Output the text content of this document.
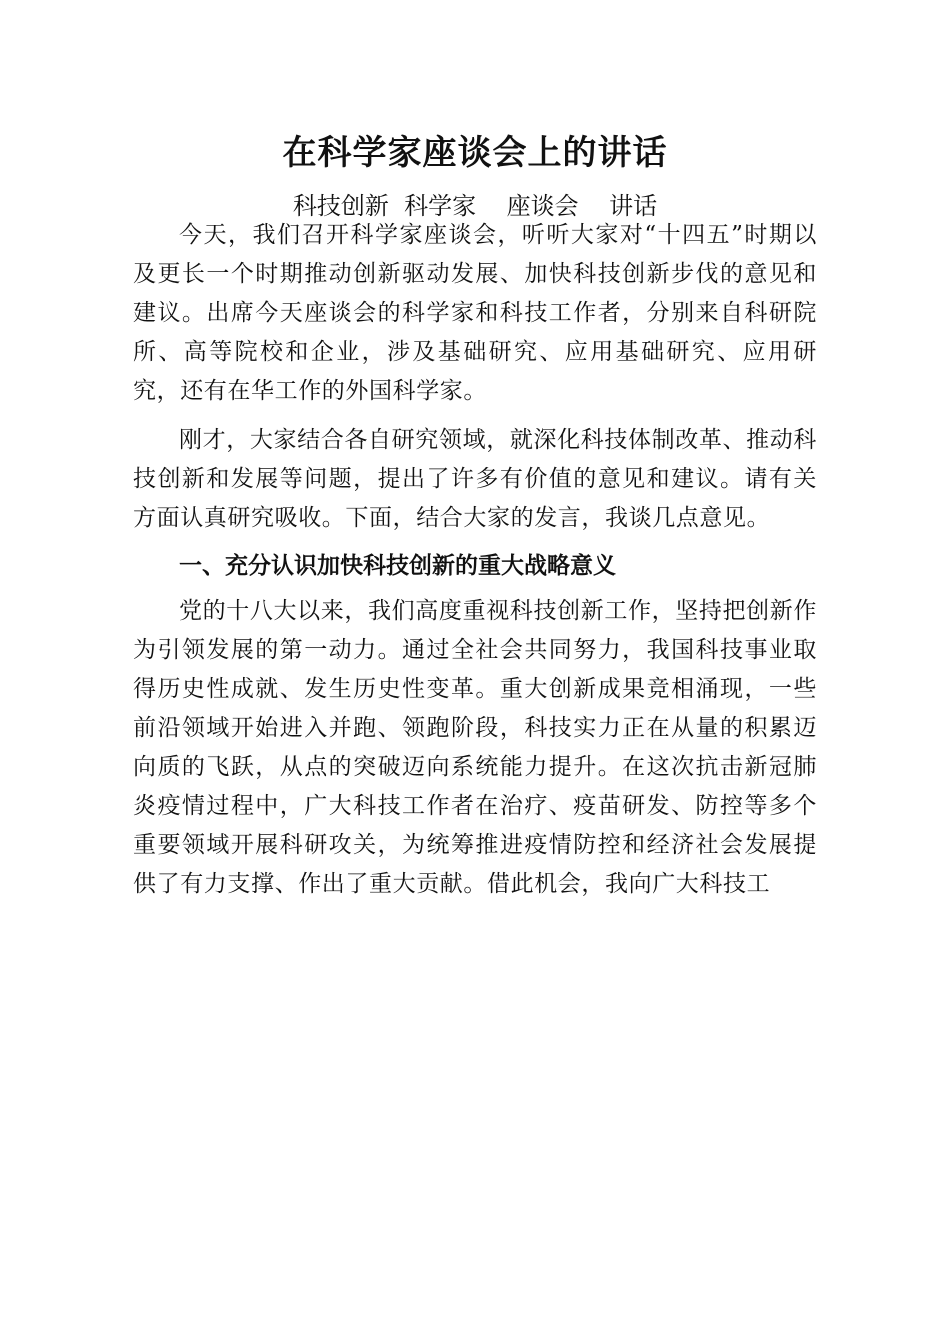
在科学家座谈会上的讲话
科技创新  科学家    座谈会    讲话

今天，我们召开科学家座谈会，听听大家对“十四五”时期以及更长一个时期推动创新驱动发展、加快科技创新步伐的意见和建议。出席今天座谈会的科学家和科技工作者，分别来自科研院所、高等院校和企业，涉及基础研究、应用基础研究、应用研究，还有在华工作的外国科学家。

刚才，大家结合各自研究领域，就深化科技体制改革、推动科技创新和发展等问题，提出了许多有价值的意见和建议。请有关方面认真研究吸收。下面，结合大家的发言，我谈几点意见。

一、充分认识加快科技创新的重大战略意义

党的十八大以来，我们高度重视科技创新工作，坚持把创新作为引领发展的第一动力。通过全社会共同努力，我国科技事业取得历史性成就、发生历史性变革。重大创新成果竞相涌现，一些前沿领域开始进入并跑、领跑阶段，科技实力正在从量的积累迈向质的飞跃，从点的突破迈向系统能力提升。在这次抗击新冠肺炎疫情过程中，广大科技工作者在治疗、疫苗研发、防控等多个重要领域开展科研攻关，为统筹推进疫情防控和经济社会发展提供了有力支撑、作出了重大贡献。借此机会，我向广大科技工
